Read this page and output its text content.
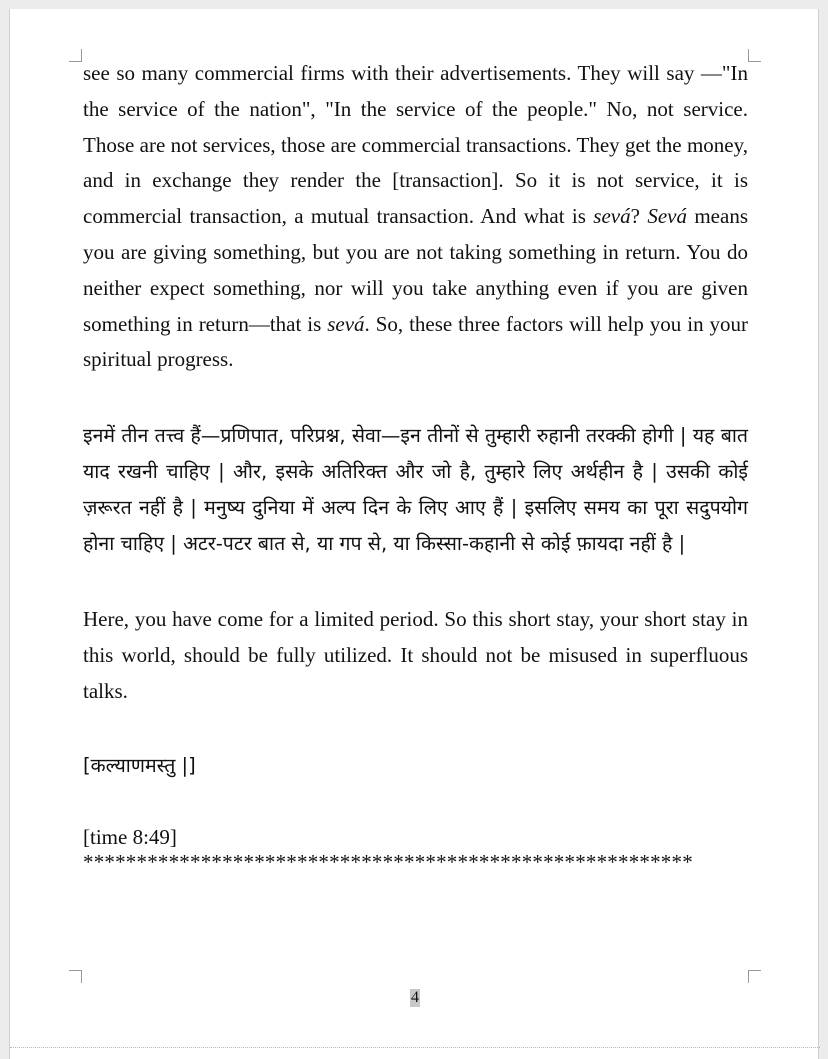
see so many commercial firms with their advertisements. They will say —"In the service of the nation", "In the service of the people." No, not service. Those are not services, those are commercial transactions. They get the money, and in exchange they render the [transaction]. So it is not service, it is commercial transaction, a mutual transaction. And what is sevá? Sevá means you are giving something, but you are not taking something in return. You do neither expect something, nor will you take anything even if you are given something in return—that is sevá. So, these three factors will help you in your spiritual progress.

इनमें तीन तत्त्व हैं—प्रणिपात, परिप्रश्न, सेवा—इन तीनों से तुम्हारी रुहानी तरक्की होगी | यह बात याद रखनी चाहिए | और, इसके अतिरिक्त और जो है, तुम्हारे लिए अर्थहीन है | उसकी कोई ज़रूरत नहीं है | मनुष्य दुनिया में अल्प दिन के लिए आए हैं | इसलिए समय का पूरा सदुपयोग होना चाहिए | अटर-पटर बात से, या गप से, या किस्सा-कहानी से कोई फ़ायदा नहीं है |

Here, you have come for a limited period. So this short stay, your short stay in this world, should be fully utilized. It should not be misused in superfluous talks.

[कल्याणमस्तु |]

[time 8:49]

*********************************************************

4
